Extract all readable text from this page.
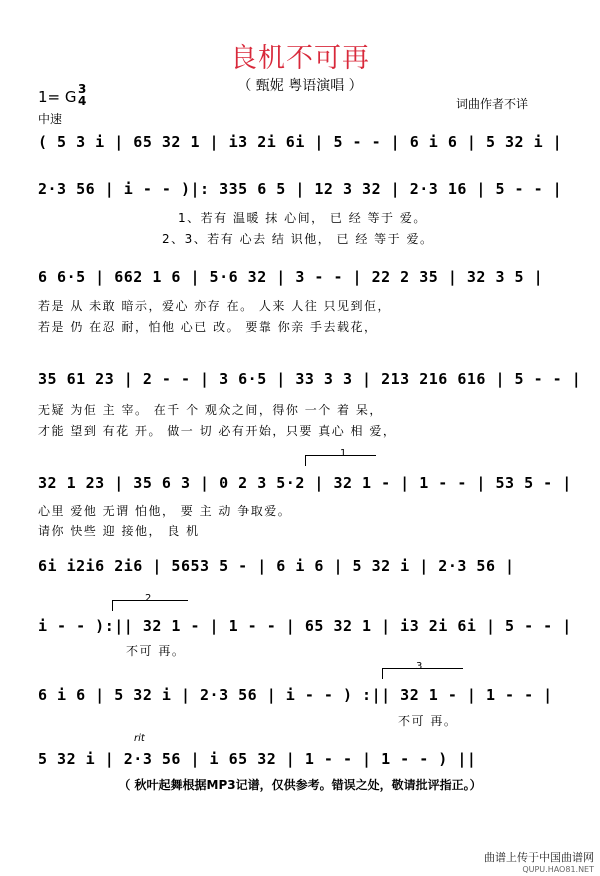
良机不可再
（ 甄妮 粤语演唱 ）
1= G 3
4	词曲作者不详
中速
( 5 3 i | 65 32 1 | i3 2i 6i | 5 - - | 6 i 6 | 5 32 i |
2·3 56 | i - - )|: 335 6 5 | 12 3 32 | 2·3 16 | 5 - - |
1、若有 温暖 抹 心间， 已 经 等于 爱。
2、3、若有 心去 结 识他， 已 经 等于 爱。
6 6·5 | 662 1 6 | 5·6 32 | 3 - - | 22 2 35 | 32 3 5 |
若是 从 未敢 暗示，爱心 亦存 在。 人来 人往 只见到佢，
若是 仍 在忍 耐，怕他 心已 改。 要靠 你亲 手去载花，
35 61 23 | 2 - - | 3 6·5 | 33 3 3 | 213 216 616 | 5 - - |
无疑 为佢 主 宰。 在千 个 观众之间，得你 一个 着 呆，
才能 望到 有花 开。 做一 切 必有开始，只要 真心 相 爱，
1
32 1 23 | 35 6 3 | 0 2 3 5·2 | 32 1 - | 1 - - | 53 5 - |
心里 爱他 无谓 怕他， 要 主 动 争取爱。
请你 快些 迎 接他， 良 机
6i i2i6 2i6 | 5653 5 - | 6 i 6 | 5 32 i | 2·3 56 |
2
i - - ):|| 32 1 - | 1 - - | 65 32 1 | i3 2i 6i | 5 - - |
不可 再。
3
6 i 6 | 5 32 i | 2·3 56 | i - - ) :|| 32 1 - | 1 - - |
不可 再。
rit
5 32 i | 2·3 56 | i 65 32 | 1 - - | 1 - - ) ||
（ 秋叶起舞根据MP3记谱，仅供参考。错误之处，敬请批评指正。）
曲谱上传于中国曲谱网
QUPU.HAO81.NET
